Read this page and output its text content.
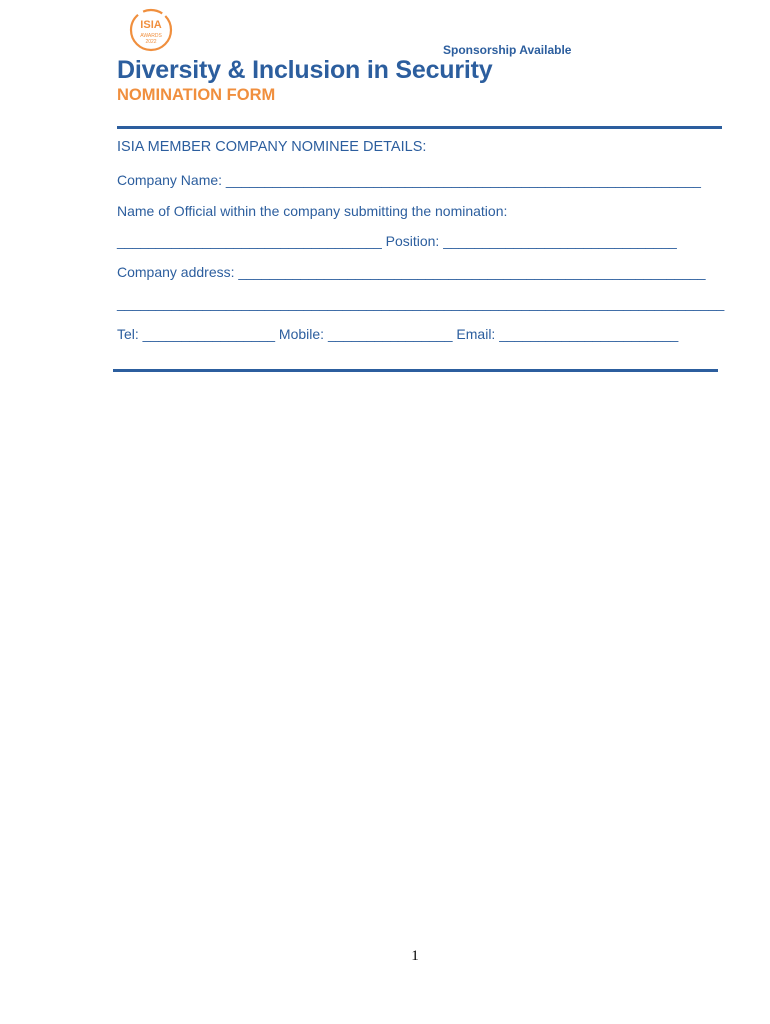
ISIA
AWARDS
2022
Sponsorship Available
Diversity & Inclusion in Security
NOMINATION FORM
ISIA MEMBER COMPANY NOMINEE DETAILS:
Company Name: _____________________________________________________________
Name of Official within the company submitting the nomination:
__________________________________ Position: ______________________________
Company address: ____________________________________________________________
______________________________________________________________________________
Tel: _________________ Mobile: ________________ Email: _______________________
1
